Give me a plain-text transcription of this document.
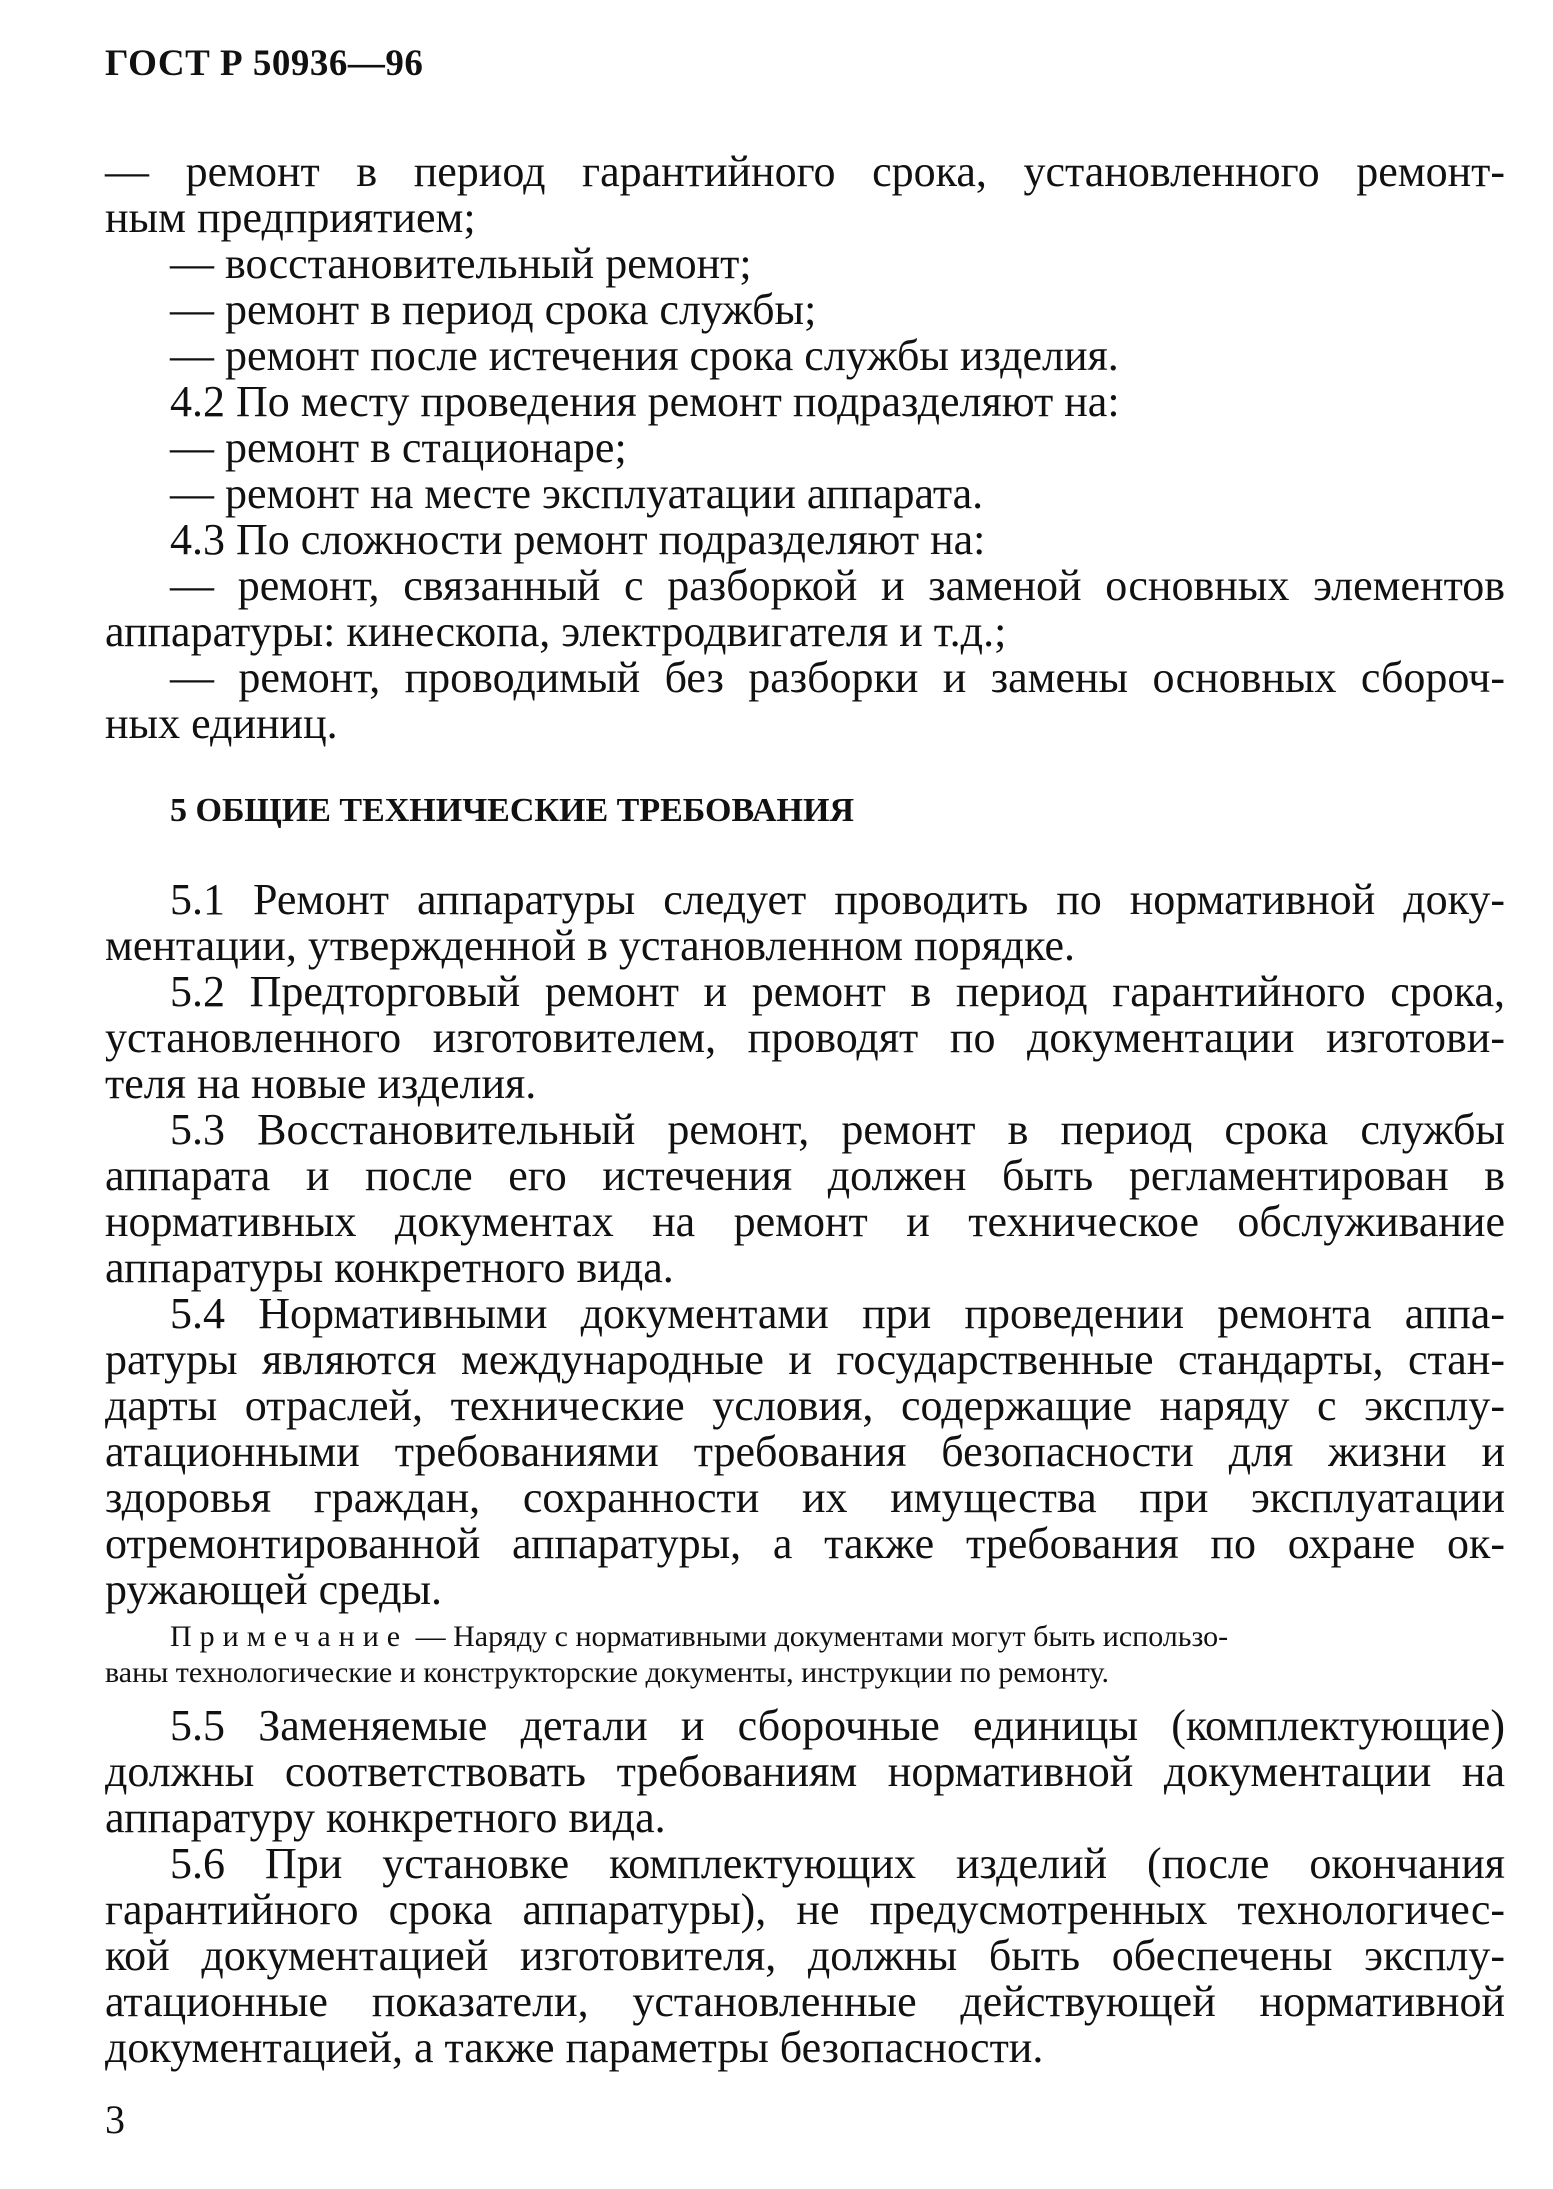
ГОСТ Р 50936—96
— ремонт в период гарантийного срока, установленного ремонт-
ным предприятием;
— восстановительный ремонт;
— ремонт в период срока службы;
— ремонт после истечения срока службы изделия.
4.2 По месту проведения ремонт подразделяют на:
— ремонт в стационаре;
— ремонт на месте эксплуатации аппарата.
4.3 По сложности ремонт подразделяют на:
— ремонт, связанный с разборкой и заменой основных элементов
аппаратуры: кинескопа, электродвигателя и т.д.;
— ремонт, проводимый без разборки и замены основных сбороч-
ных единиц.
5 ОБЩИЕ ТЕХНИЧЕСКИЕ ТРЕБОВАНИЯ
5.1 Ремонт аппаратуры следует проводить по нормативной доку-
ментации, утвержденной в установленном порядке.
5.2 Предторговый ремонт и ремонт в период гарантийного срока,
установленного изготовителем, проводят по документации изготови-
теля на новые изделия.
5.3 Восстановительный ремонт, ремонт в период срока службы
аппарата и после его истечения должен быть регламентирован в
нормативных документах на ремонт и техническое обслуживание
аппаратуры конкретного вида.
5.4 Нормативными документами при проведении ремонта аппа-
ратуры являются международные и государственные стандарты, стан-
дарты отраслей, технические условия, содержащие наряду с эксплу-
атационными требованиями требования безопасности для жизни и
здоровья граждан, сохранности их имущества при эксплуатации
отремонтированной аппаратуры, а также требования по охране ок-
ружающей среды.
Примечание — Наряду с нормативными документами могут быть использо-
ваны технологические и конструкторские документы, инструкции по ремонту.
5.5 Заменяемые детали и сборочные единицы (комплектующие)
должны соответствовать требованиям нормативной документации на
аппаратуру конкретного вида.
5.6 При установке комплектующих изделий (после окончания
гарантийного срока аппаратуры), не предусмотренных технологичес-
кой документацией изготовителя, должны быть обеспечены эксплу-
атационные показатели, установленные действующей нормативной
документацией, а также параметры безопасности.
3
